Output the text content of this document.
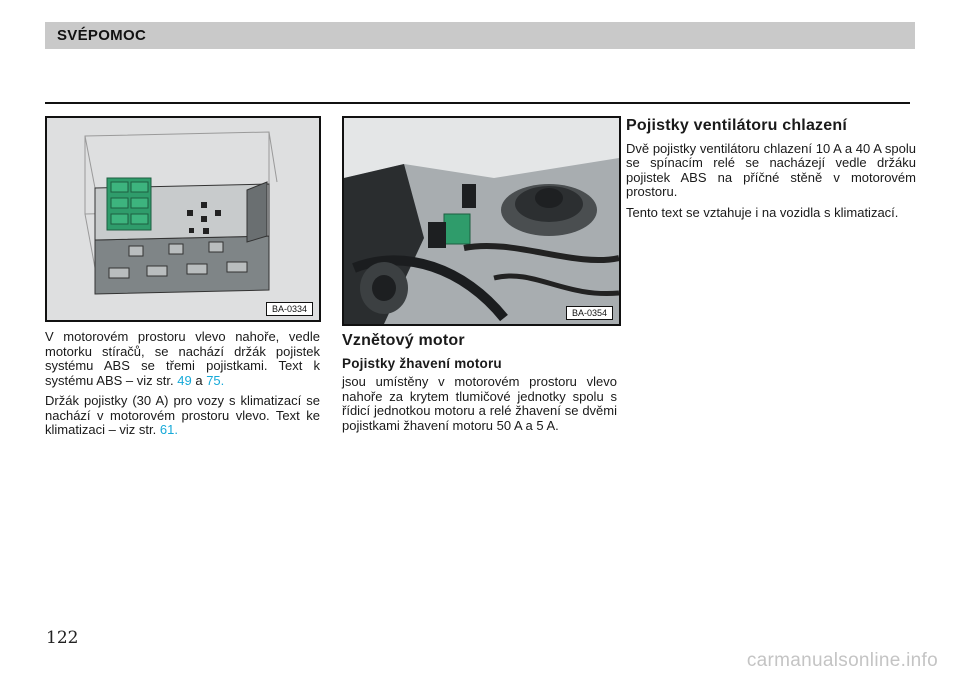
SVÉPOMOC
BA-0334	BA-0354

V motorovém prostoru vlevo nahoře, vedle motorku stíračů, se nachází držák pojistek systému ABS se třemi pojistkami. Text k systému ABS – viz str. 49 a 75.

Držák pojistky (30 A) pro vozy s klimatizací se nachází v motorovém prostoru vlevo. Text ke klimatizaci – viz str. 61.

Vznětový motor
Pojistky žhavení motoru

jsou umístěny v motorovém prostoru vlevo nahoře za krytem tlumičové jednotky spolu s řídicí jednotkou motoru a relé žhavení se dvěmi pojistkami žhavení motoru 50 A a 5 A.

Pojistky ventilátoru chlazení

Dvě pojistky ventilátoru chlazení 10 A a 40 A spolu se spínacím relé se nacházejí vedle držáku pojistek ABS na příčné stěně v motorovém prostoru.

Tento text se vztahuje i na vozidla s klimatizací.

122
carmanualsonline.info
